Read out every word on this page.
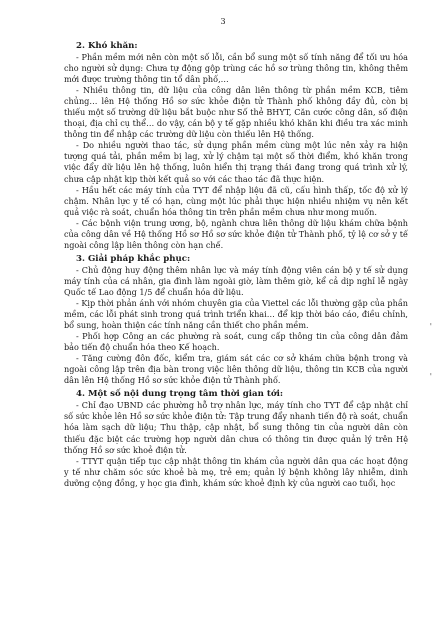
3
'
'
2. Khó khăn:

- Phần mềm mới nên còn một số lỗi, cần bổ sung một số tính năng để tối ưu hóa cho người sử dụng: Chưa tự động gộp trùng các hồ sơ trùng thông tin, không thêm mới được trường thông tin tổ dân phố,…

- Nhiều thông tin, dữ liệu của công dân liên thông từ phần mềm KCB, tiêm chủng… lên Hệ thống Hồ sơ sức khỏe điện tử Thành phố không đầy đủ, còn bị thiếu một số trường dữ liệu bắt buộc như Số thẻ BHYT, Căn cước công dân, số điện thoại, địa chỉ cụ thể… do vậy, cán bộ y tế gặp nhiều khó khăn khi điều tra xác minh thông tin để nhập các trường dữ liệu còn thiếu lên Hệ thống.

- Do nhiều người thao tác, sử dụng phần mềm cùng một lúc nên xảy ra hiện tượng quá tải, phần mềm bị lag, xử lý chậm tại một số thời điểm, khó khăn trong việc đẩy dữ liệu lên hệ thống, luôn hiển thị trạng thái đang trong quá trình xử lý, chưa cập nhật kịp thời kết quả so với các thao tác đã thực hiện.

- Hầu hết các máy tính của TYT để nhập liệu đã cũ, cấu hình thấp, tốc độ xử lý chậm. Nhân lực y tế có hạn, cùng một lúc phải thực hiện nhiều nhiệm vụ nên kết quả việc rà soát, chuẩn hóa thông tin trên phần mềm chưa như mong muốn.

- Các bệnh viện trung ương, bộ, ngành chưa liên thông dữ liệu khám chữa bệnh của công dân về Hệ thống Hồ sơ Hồ sơ sức khỏe điện tử Thành phố, tỷ lệ cơ sở y tế ngoài công lập liên thông còn hạn chế.

3. Giải pháp khắc phục:

- Chủ động huy động thêm nhân lực và máy tính động viên cán bộ y tế sử dụng máy tính của cá nhân, gia đình làm ngoài giờ, làm thêm giờ, kể cả dịp nghỉ lễ ngày Quốc tế Lao động 1/5 để chuẩn hóa dữ liệu.

- Kịp thời phản ánh với nhóm chuyên gia của Viettel các lỗi thường gặp của phần mềm, các lỗi phát sinh trong quá trình triển khai… để kịp thời báo cáo, điều chỉnh, bổ sung, hoàn thiện các tính năng cần thiết cho phần mềm.

- Phối hợp Công an các phường rà soát, cung cấp thông tin của công dân đảm bảo tiến độ chuẩn hóa theo Kế hoạch.

- Tăng cường đôn đốc, kiểm tra, giám sát các cơ sở khám chữa bệnh trong và ngoài công lập trên địa bàn trong việc liên thông dữ liệu, thông tin KCB của người dân lên Hệ thống Hồ sơ sức khỏe điện tử Thành phố.

4. Một số nội dung trọng tâm thời gian tới:

- Chỉ đạo UBND các phường hỗ trợ nhân lực, máy tính cho TYT để cập nhật chỉ số sức khỏe lên Hồ sơ sức khỏe điện tử: Tập trung đẩy nhanh tiến độ rà soát, chuẩn hóa làm sạch dữ liệu; Thu thập, cập nhật, bổ sung thông tin của người dân còn thiếu đặc biệt các trường hợp người dân chưa có thông tin được quản lý trên Hệ thống Hồ sơ sức khoẻ điện tử.

- TTYT quận tiếp tục cập nhật thông tin khám của người dân qua các hoạt động y tế như chăm sóc sức khoẻ bà mẹ, trẻ em; quản lý bệnh không lây nhiễm, dinh dưỡng cộng đồng, y học gia đình, khám sức khoẻ định kỳ của người cao tuổi, học
